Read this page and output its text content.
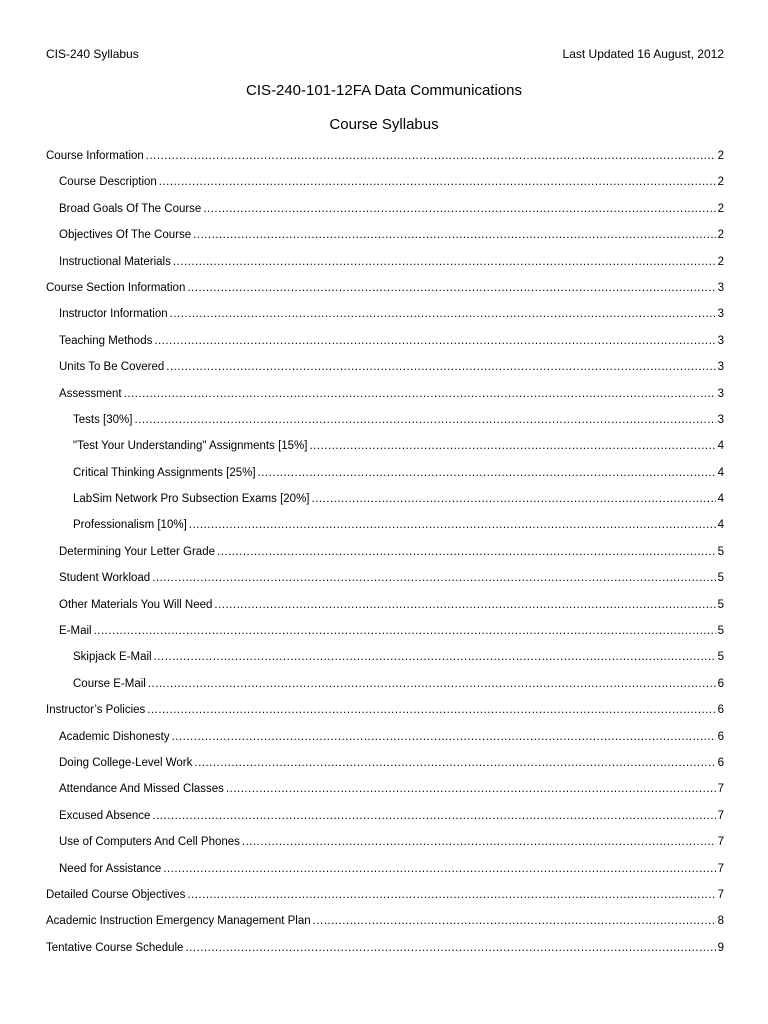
CIS-240 Syllabus	Last Updated 16 August, 2012
CIS-240-101-12FA Data Communications
Course Syllabus
Course Information .....	2
Course Description .....	2
Broad Goals Of The Course .....	2
Objectives Of The Course .....	2
Instructional Materials .....	2
Course Section Information .....	3
Instructor Information .....	3
Teaching Methods .....	3
Units To Be Covered .....	3
Assessment .....	3
Tests [30%] .....	3
"Test Your Understanding" Assignments [15%] .....	4
Critical Thinking Assignments [25%] .....	4
LabSim Network Pro Subsection Exams [20%] .....	4
Professionalism [10%] .....	4
Determining Your Letter Grade .....	5
Student Workload .....	5
Other Materials You Will Need .....	5
E-Mail .....	5
Skipjack E-Mail .....	5
Course E-Mail .....	6
Instructor’s Policies .....	6
Academic Dishonesty .....	6
Doing College-Level Work .....	6
Attendance And Missed Classes .....	7
Excused Absence .....	7
Use of Computers And Cell Phones .....	7
Need for Assistance .....	7
Detailed Course Objectives .....	7
Academic Instruction Emergency Management Plan .....	8
Tentative Course Schedule .....	9
